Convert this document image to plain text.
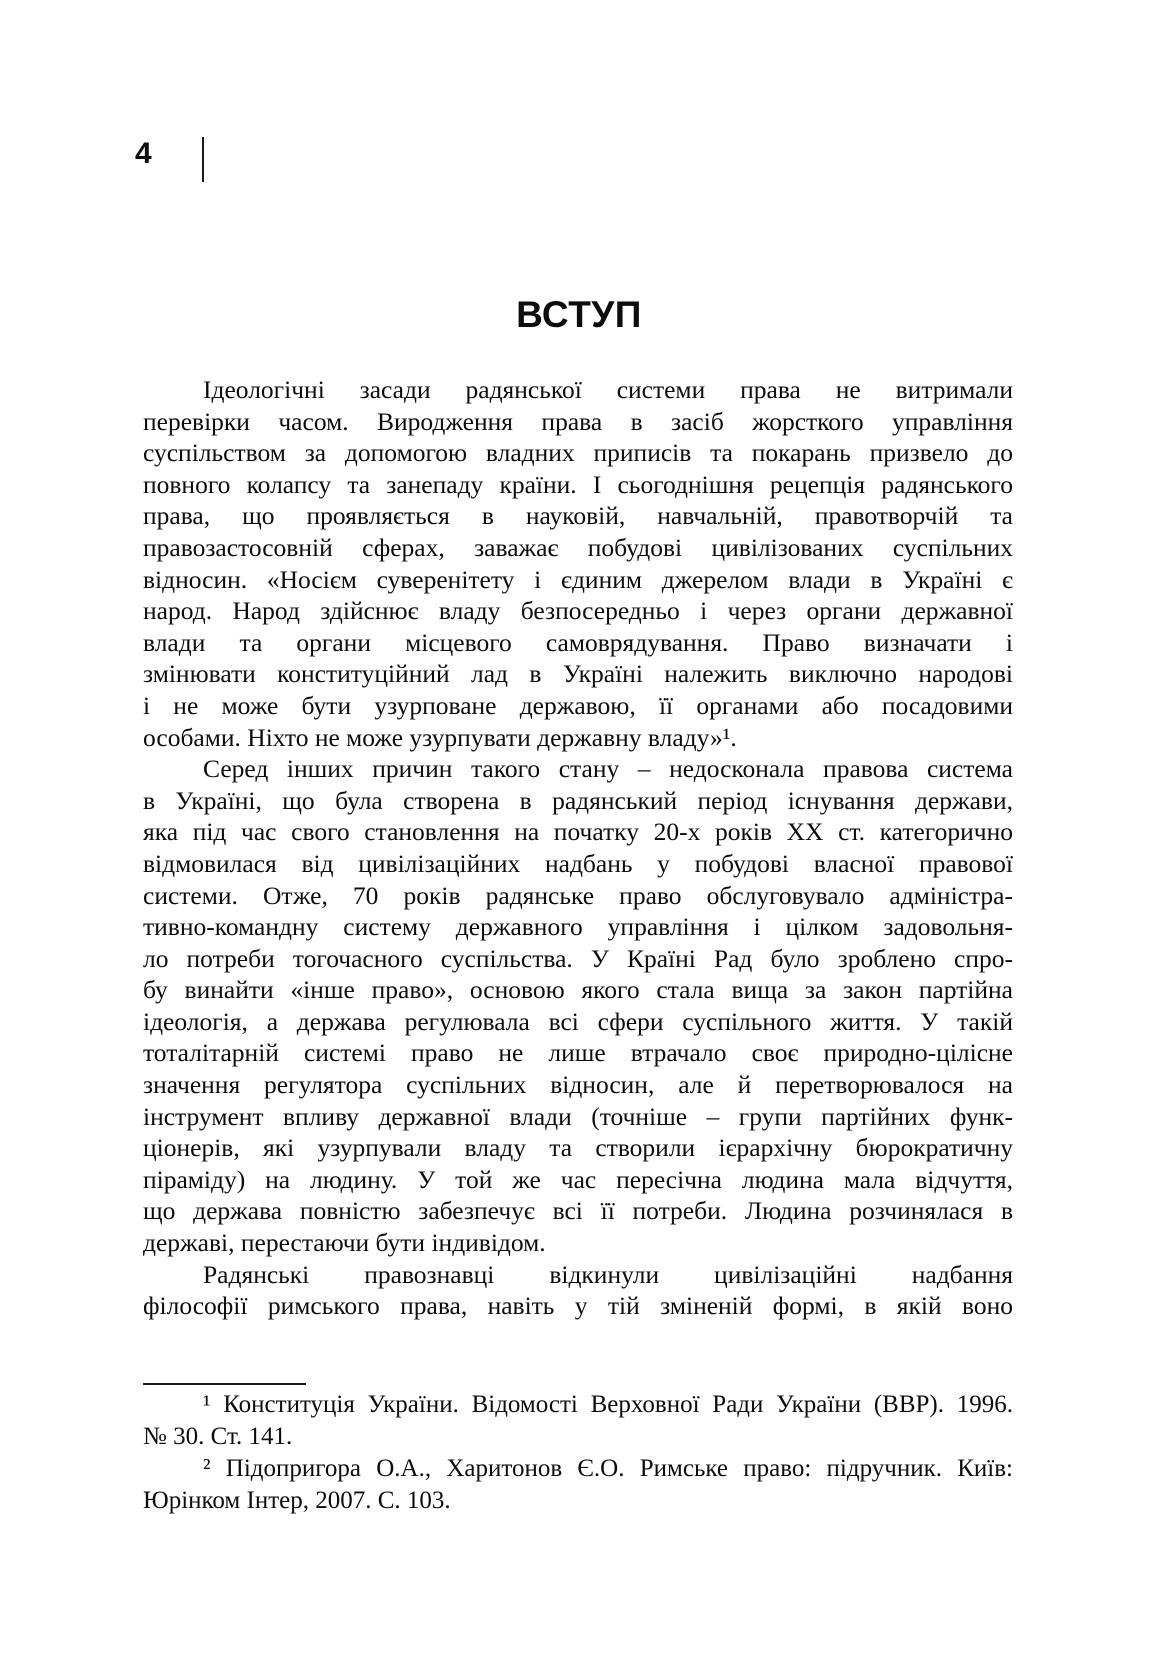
4
ВСТУП
Ідеологічні засади радянської системи права не витримали
перевірки часом. Виродження права в засіб жорсткого управління
суспільством за допомогою владних приписів та покарань призвело до
повного колапсу та занепаду країни. І сьогоднішня рецепція радянського
права, що проявляється в науковій, навчальній, правотворчій та
правозастосовній сферах, заважає побудові цивілізованих суспільних
відносин. «Носієм суверенітету і єдиним джерелом влади в Україні є
народ. Народ здійснює владу безпосередньо і через органи державної
влади та органи місцевого самоврядування. Право визначати і
змінювати конституційний лад в Україні належить виключно народові
і не може бути узурповане державою, її органами або посадовими
особами. Ніхто не може узурпувати державну владу»¹.
Серед інших причин такого стану – недосконала правова система
в Україні, що була створена в радянський період існування держави,
яка під час свого становлення на початку 20-х років ХХ ст. категорично
відмовилася від цивілізаційних надбань у побудові власної правової
системи. Отже, 70 років радянське право обслуговувало адміністра-
тивно-командну систему державного управління і цілком задовольня-
ло потреби тогочасного суспільства. У Країні Рад було зроблено спро-
бу винайти «інше право», основою якого стала вища за закон партійна
ідеологія, а держава регулювала всі сфери суспільного життя. У такій
тоталітарній системі право не лише втрачало своє природно-цілісне
значення регулятора суспільних відносин, але й перетворювалося на
інструмент впливу державної влади (точніше – групи партійних функ-
ціонерів, які узурпували владу та створили ієрархічну бюрократичну
піраміду) на людину. У той же час пересічна людина мала відчуття,
що держава повністю забезпечує всі її потреби. Людина розчинялася в
державі, перестаючи бути індивідом.
Радянські правознавці відкинули цивілізаційні надбання
філософії римського права, навіть у тій зміненій формі, в якій воно
¹ Конституція України. Відомості Верховної Ради України (ВВР). 1996.
№ 30. Ст. 141.
² Підопригора О.А., Харитонов Є.О. Римське право: підручник. Київ:
Юрінком Інтер, 2007. С. 103.
